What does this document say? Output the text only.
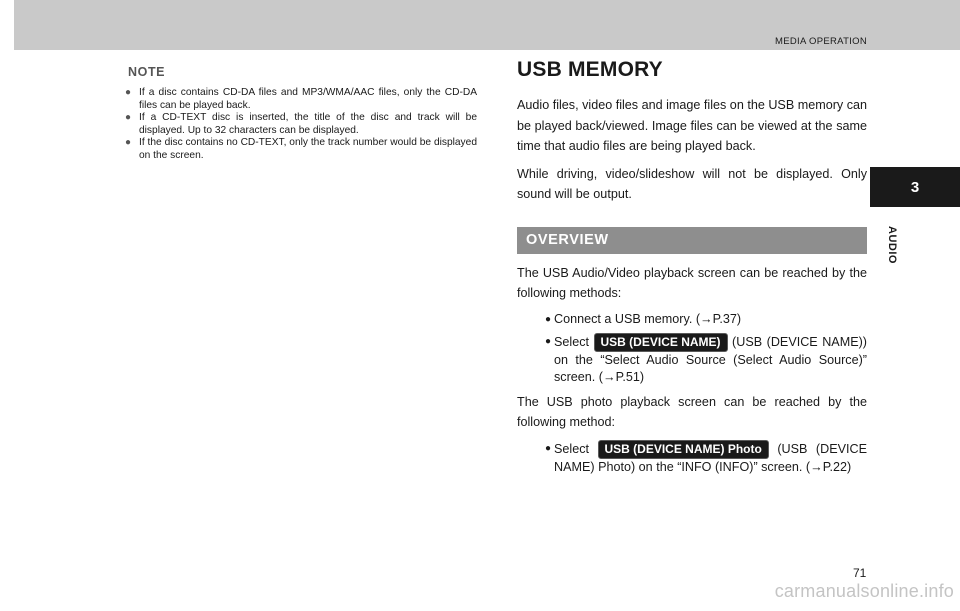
MEDIA OPERATION
3
AUDIO
NOTE
● If a disc contains CD-DA files and MP3/WMA/AAC files, only the CD-DA files can be played back.
● If a CD-TEXT disc is inserted, the title of the disc and track will be displayed. Up to 32 characters can be displayed.
● If the disc contains no CD-TEXT, only the track number would be displayed on the screen.
USB MEMORY

Audio files, video files and image files on the USB memory can be played back/viewed. Image files can be viewed at the same time that audio files are being played back.

While driving, video/slideshow will not be displayed. Only sound will be output.

OVERVIEW

The USB Audio/Video playback screen can be reached by the following methods:

● Connect a USB memory. (→P.37)
● Select USB (DEVICE NAME) (USB (DEVICE NAME)) on the “Select Audio Source (Select Audio Source)” screen. (→P.51)

The USB photo playback screen can be reached by the following method:

● Select USB (DEVICE NAME) Photo (USB (DEVICE NAME) Photo) on the “INFO (INFO)” screen. (→P.22)
71
carmanualsonline.info
